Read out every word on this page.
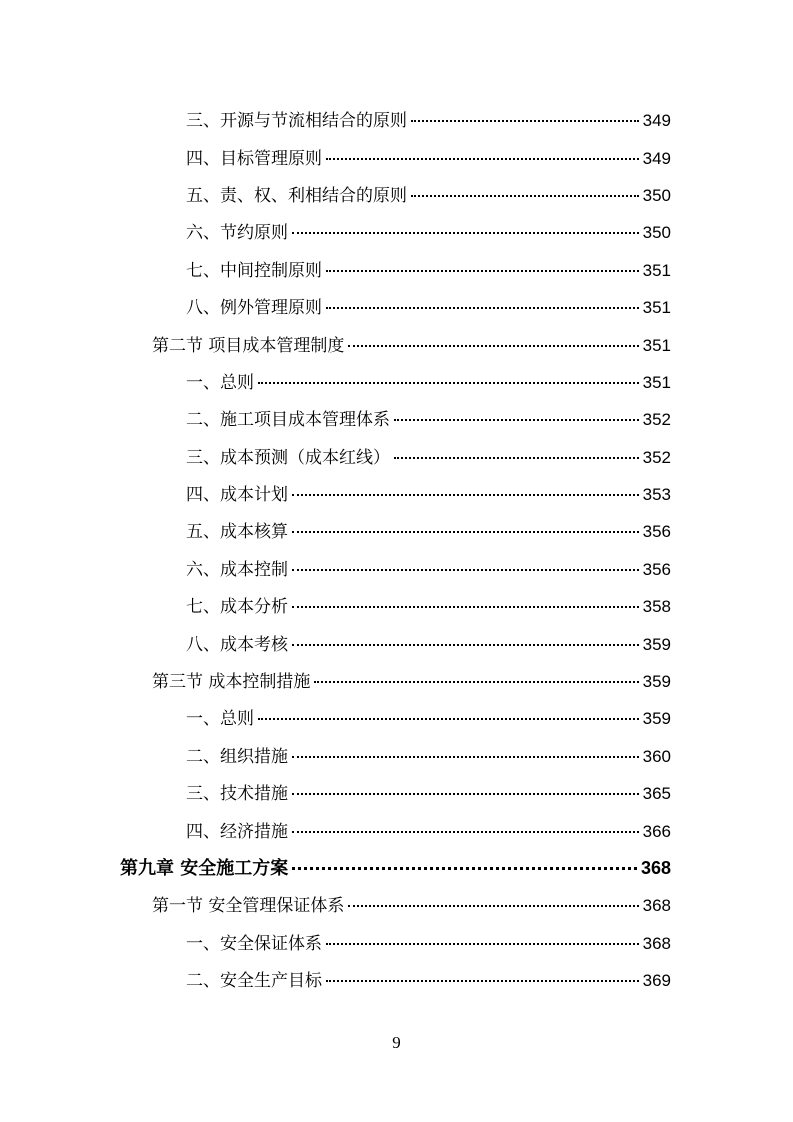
三、开源与节流相结合的原则	349
四、目标管理原则	349
五、责、权、利相结合的原则	350
六、节约原则	350
七、中间控制原则	351
八、例外管理原则	351
第二节 项目成本管理制度	351
一、总则	351
二、施工项目成本管理体系	352
三、成本预测（成本红线）	352
四、成本计划	353
五、成本核算	356
六、成本控制	356
七、成本分析	358
八、成本考核	359
第三节 成本控制措施	359
一、总则	359
二、组织措施	360
三、技术措施	365
四、经济措施	366
第九章 安全施工方案	368
第一节 安全管理保证体系	368
一、安全保证体系	368
二、安全生产目标	369
9
